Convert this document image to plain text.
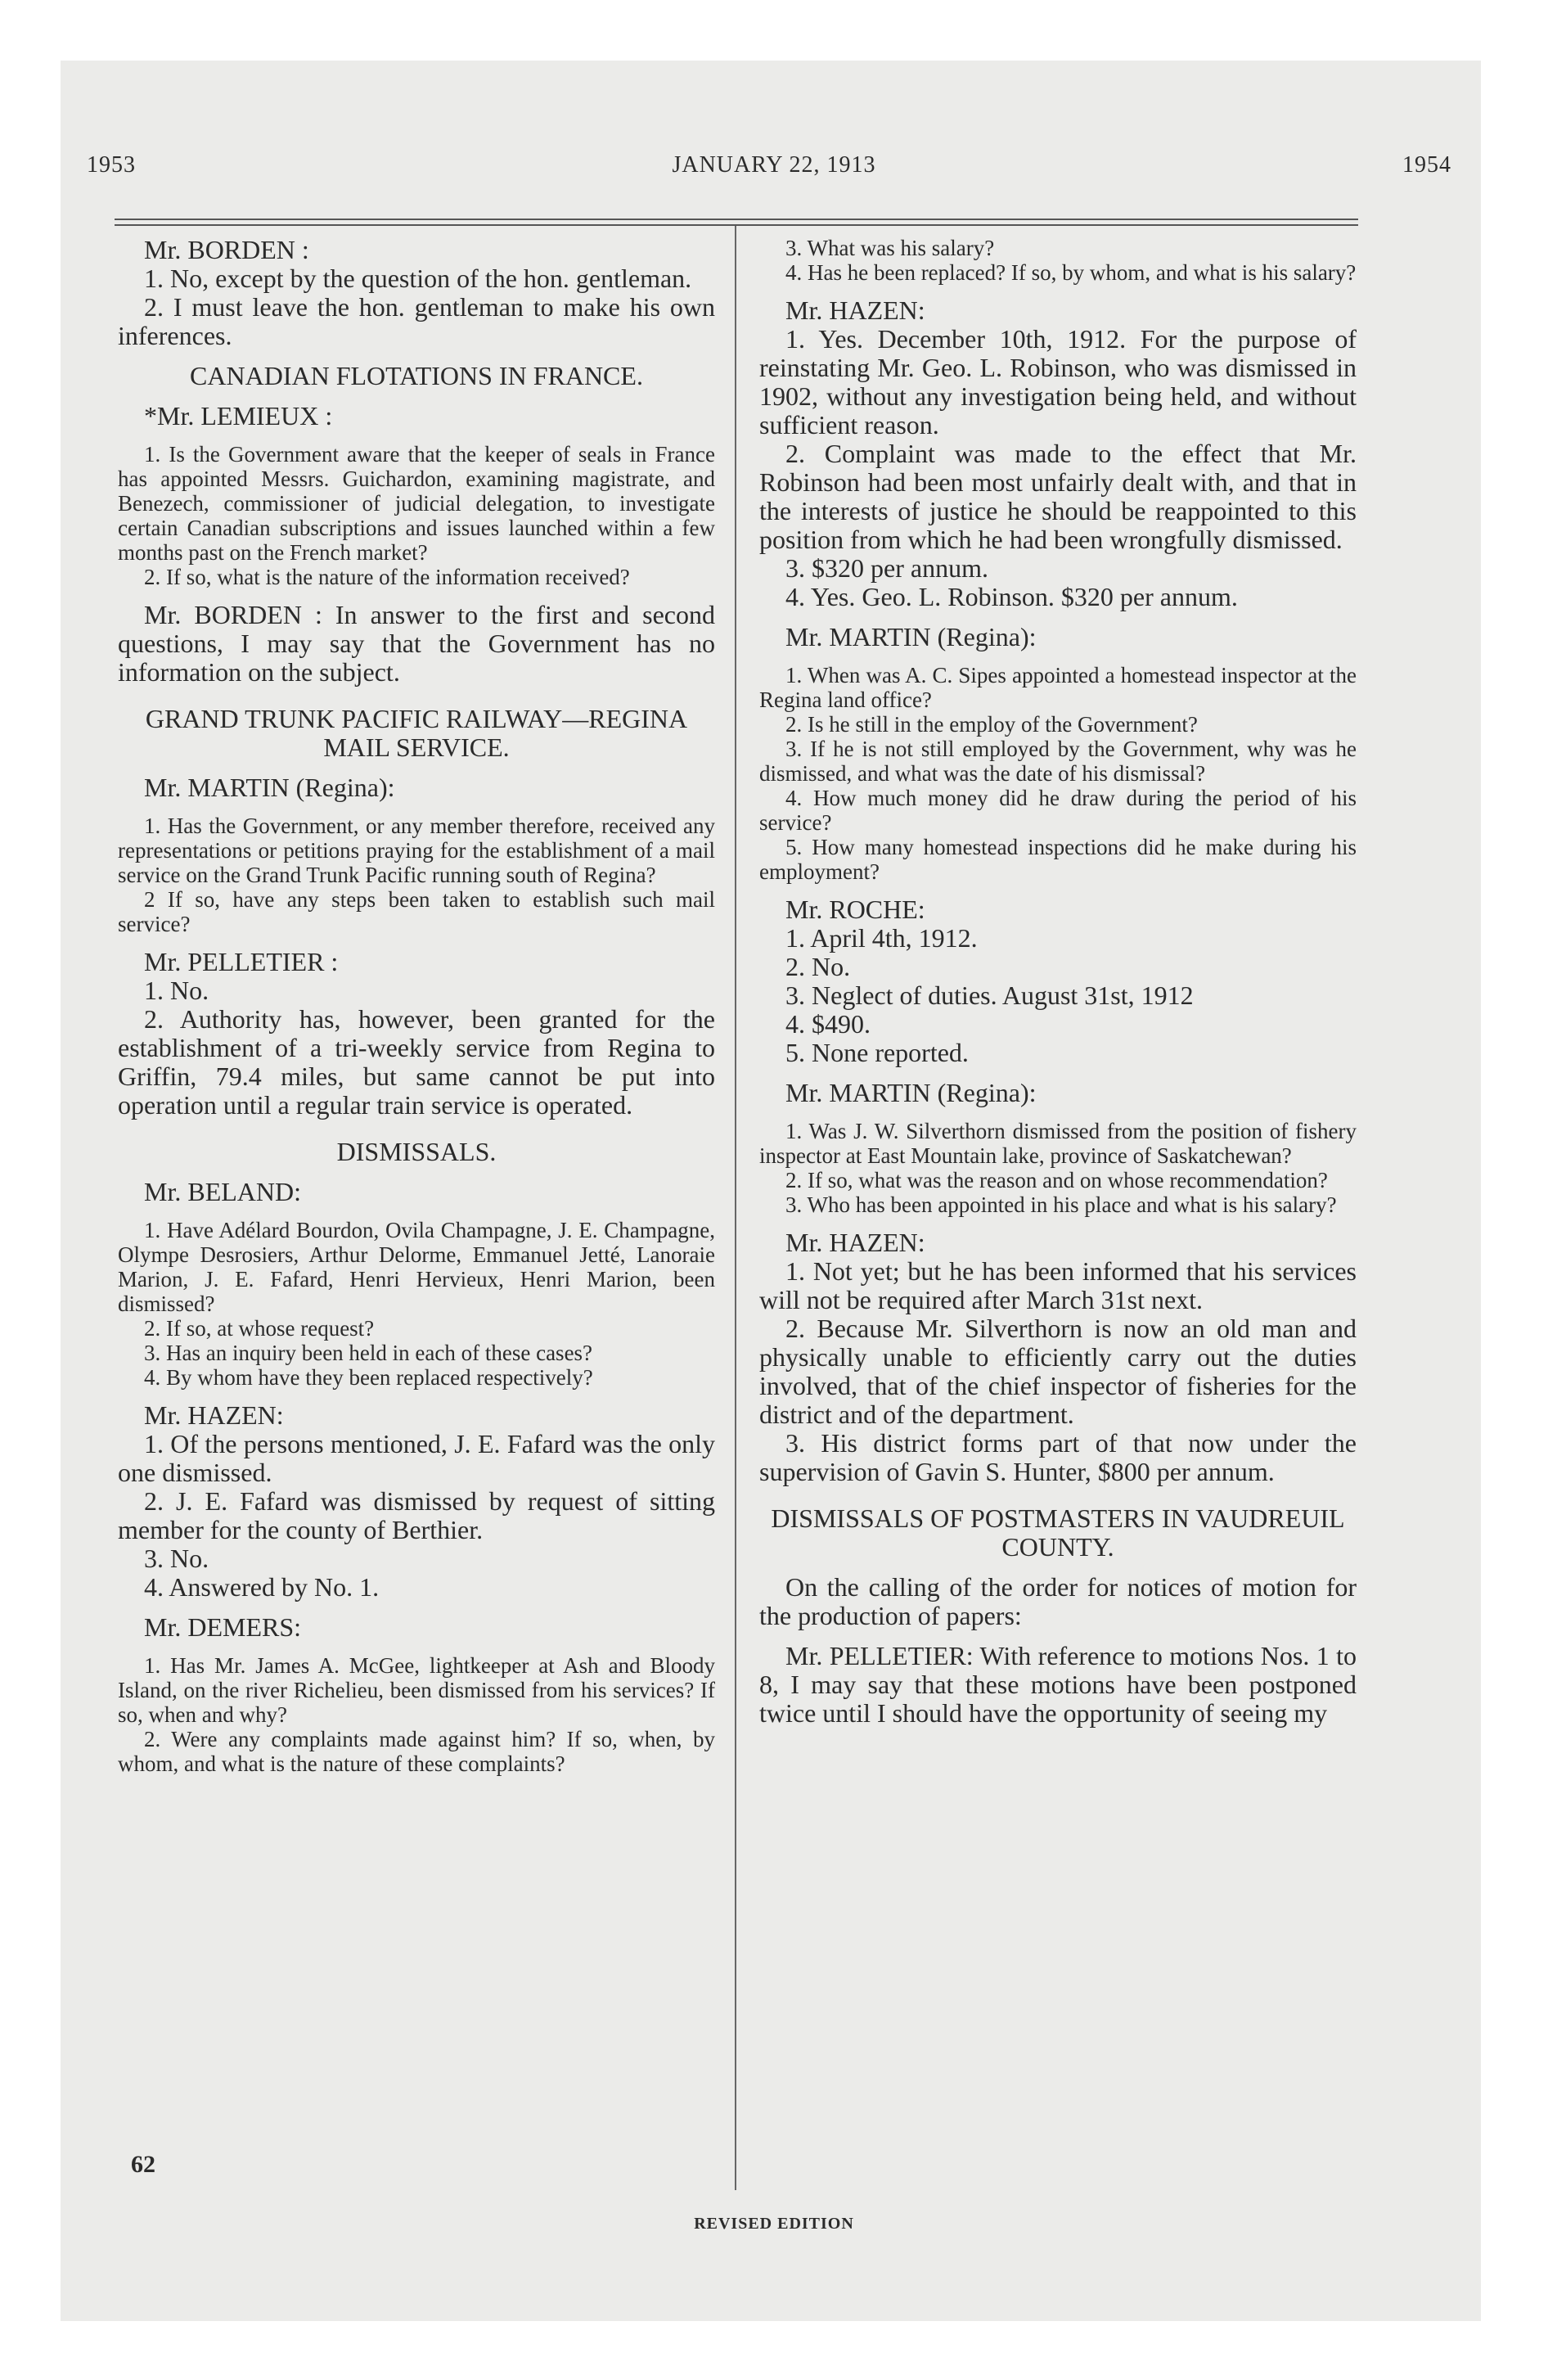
1953	JANUARY 22, 1913	1954

Mr. BORDEN :

1. No, except by the question of the hon. gentleman.

2. I must leave the hon. gentleman to make his own inferences.

CANADIAN FLOTATIONS IN FRANCE.

*Mr. LEMIEUX :

1. Is the Government aware that the keeper of seals in France has appointed Messrs. Guichardon, examining magistrate, and Benezech, commissioner of judicial delegation, to investigate certain Canadian subscriptions and issues launched within a few months past on the French market?

2. If so, what is the nature of the information received?

Mr. BORDEN : In answer to the first and second questions, I may say that the Government has no information on the subject.

GRAND TRUNK PACIFIC RAILWAY—REGINA MAIL SERVICE.

Mr. MARTIN (Regina):

1. Has the Government, or any member therefore, received any representations or petitions praying for the establishment of a mail service on the Grand Trunk Pacific running south of Regina?

2 If so, have any steps been taken to establish such mail service?

Mr. PELLETIER :

1. No.

2. Authority has, however, been granted for the establishment of a tri-weekly service from Regina to Griffin, 79.4 miles, but same cannot be put into operation until a regular train service is operated.

DISMISSALS.

Mr. BELAND:

1. Have Adélard Bourdon, Ovila Champagne, J. E. Champagne, Olympe Desrosiers, Arthur Delorme, Emmanuel Jetté, Lanoraie Marion, J. E. Fafard, Henri Hervieux, Henri Marion, been dismissed?

2. If so, at whose request?

3. Has an inquiry been held in each of these cases?

4. By whom have they been replaced respectively?

Mr. HAZEN:

1. Of the persons mentioned, J. E. Fafard was the only one dismissed.

2. J. E. Fafard was dismissed by request of sitting member for the county of Berthier.

3. No.

4. Answered by No. 1.

Mr. DEMERS:

1. Has Mr. James A. McGee, lightkeeper at Ash and Bloody Island, on the river Richelieu, been dismissed from his services? If so, when and why?

2. Were any complaints made against him? If so, when, by whom, and what is the nature of these complaints?

3. What was his salary?

4. Has he been replaced? If so, by whom, and what is his salary?

Mr. HAZEN:

1. Yes. December 10th, 1912. For the purpose of reinstating Mr. Geo. L. Robinson, who was dismissed in 1902, without any investigation being held, and without sufficient reason.

2. Complaint was made to the effect that Mr. Robinson had been most unfairly dealt with, and that in the interests of justice he should be reappointed to this position from which he had been wrongfully dismissed.

3. $320 per annum.

4. Yes. Geo. L. Robinson. $320 per annum.

Mr. MARTIN (Regina):

1. When was A. C. Sipes appointed a homestead inspector at the Regina land office?

2. Is he still in the employ of the Government?

3. If he is not still employed by the Government, why was he dismissed, and what was the date of his dismissal?

4. How much money did he draw during the period of his service?

5. How many homestead inspections did he make during his employment?

Mr. ROCHE:

1. April 4th, 1912.

2. No.

3. Neglect of duties. August 31st, 1912

4. $490.

5. None reported.

Mr. MARTIN (Regina):

1. Was J. W. Silverthorn dismissed from the position of fishery inspector at East Mountain lake, province of Saskatchewan?

2. If so, what was the reason and on whose recommendation?

3. Who has been appointed in his place and what is his salary?

Mr. HAZEN:

1. Not yet; but he has been informed that his services will not be required after March 31st next.

2. Because Mr. Silverthorn is now an old man and physically unable to efficiently carry out the duties involved, that of the chief inspector of fisheries for the district and of the department.

3. His district forms part of that now under the supervision of Gavin S. Hunter, $800 per annum.

DISMISSALS OF POSTMASTERS IN VAUDREUIL COUNTY.

On the calling of the order for notices of motion for the production of papers:

Mr. PELLETIER: With reference to motions Nos. 1 to 8, I may say that these motions have been postponed twice until I should have the opportunity of seeing my

62
REVISED EDITION
